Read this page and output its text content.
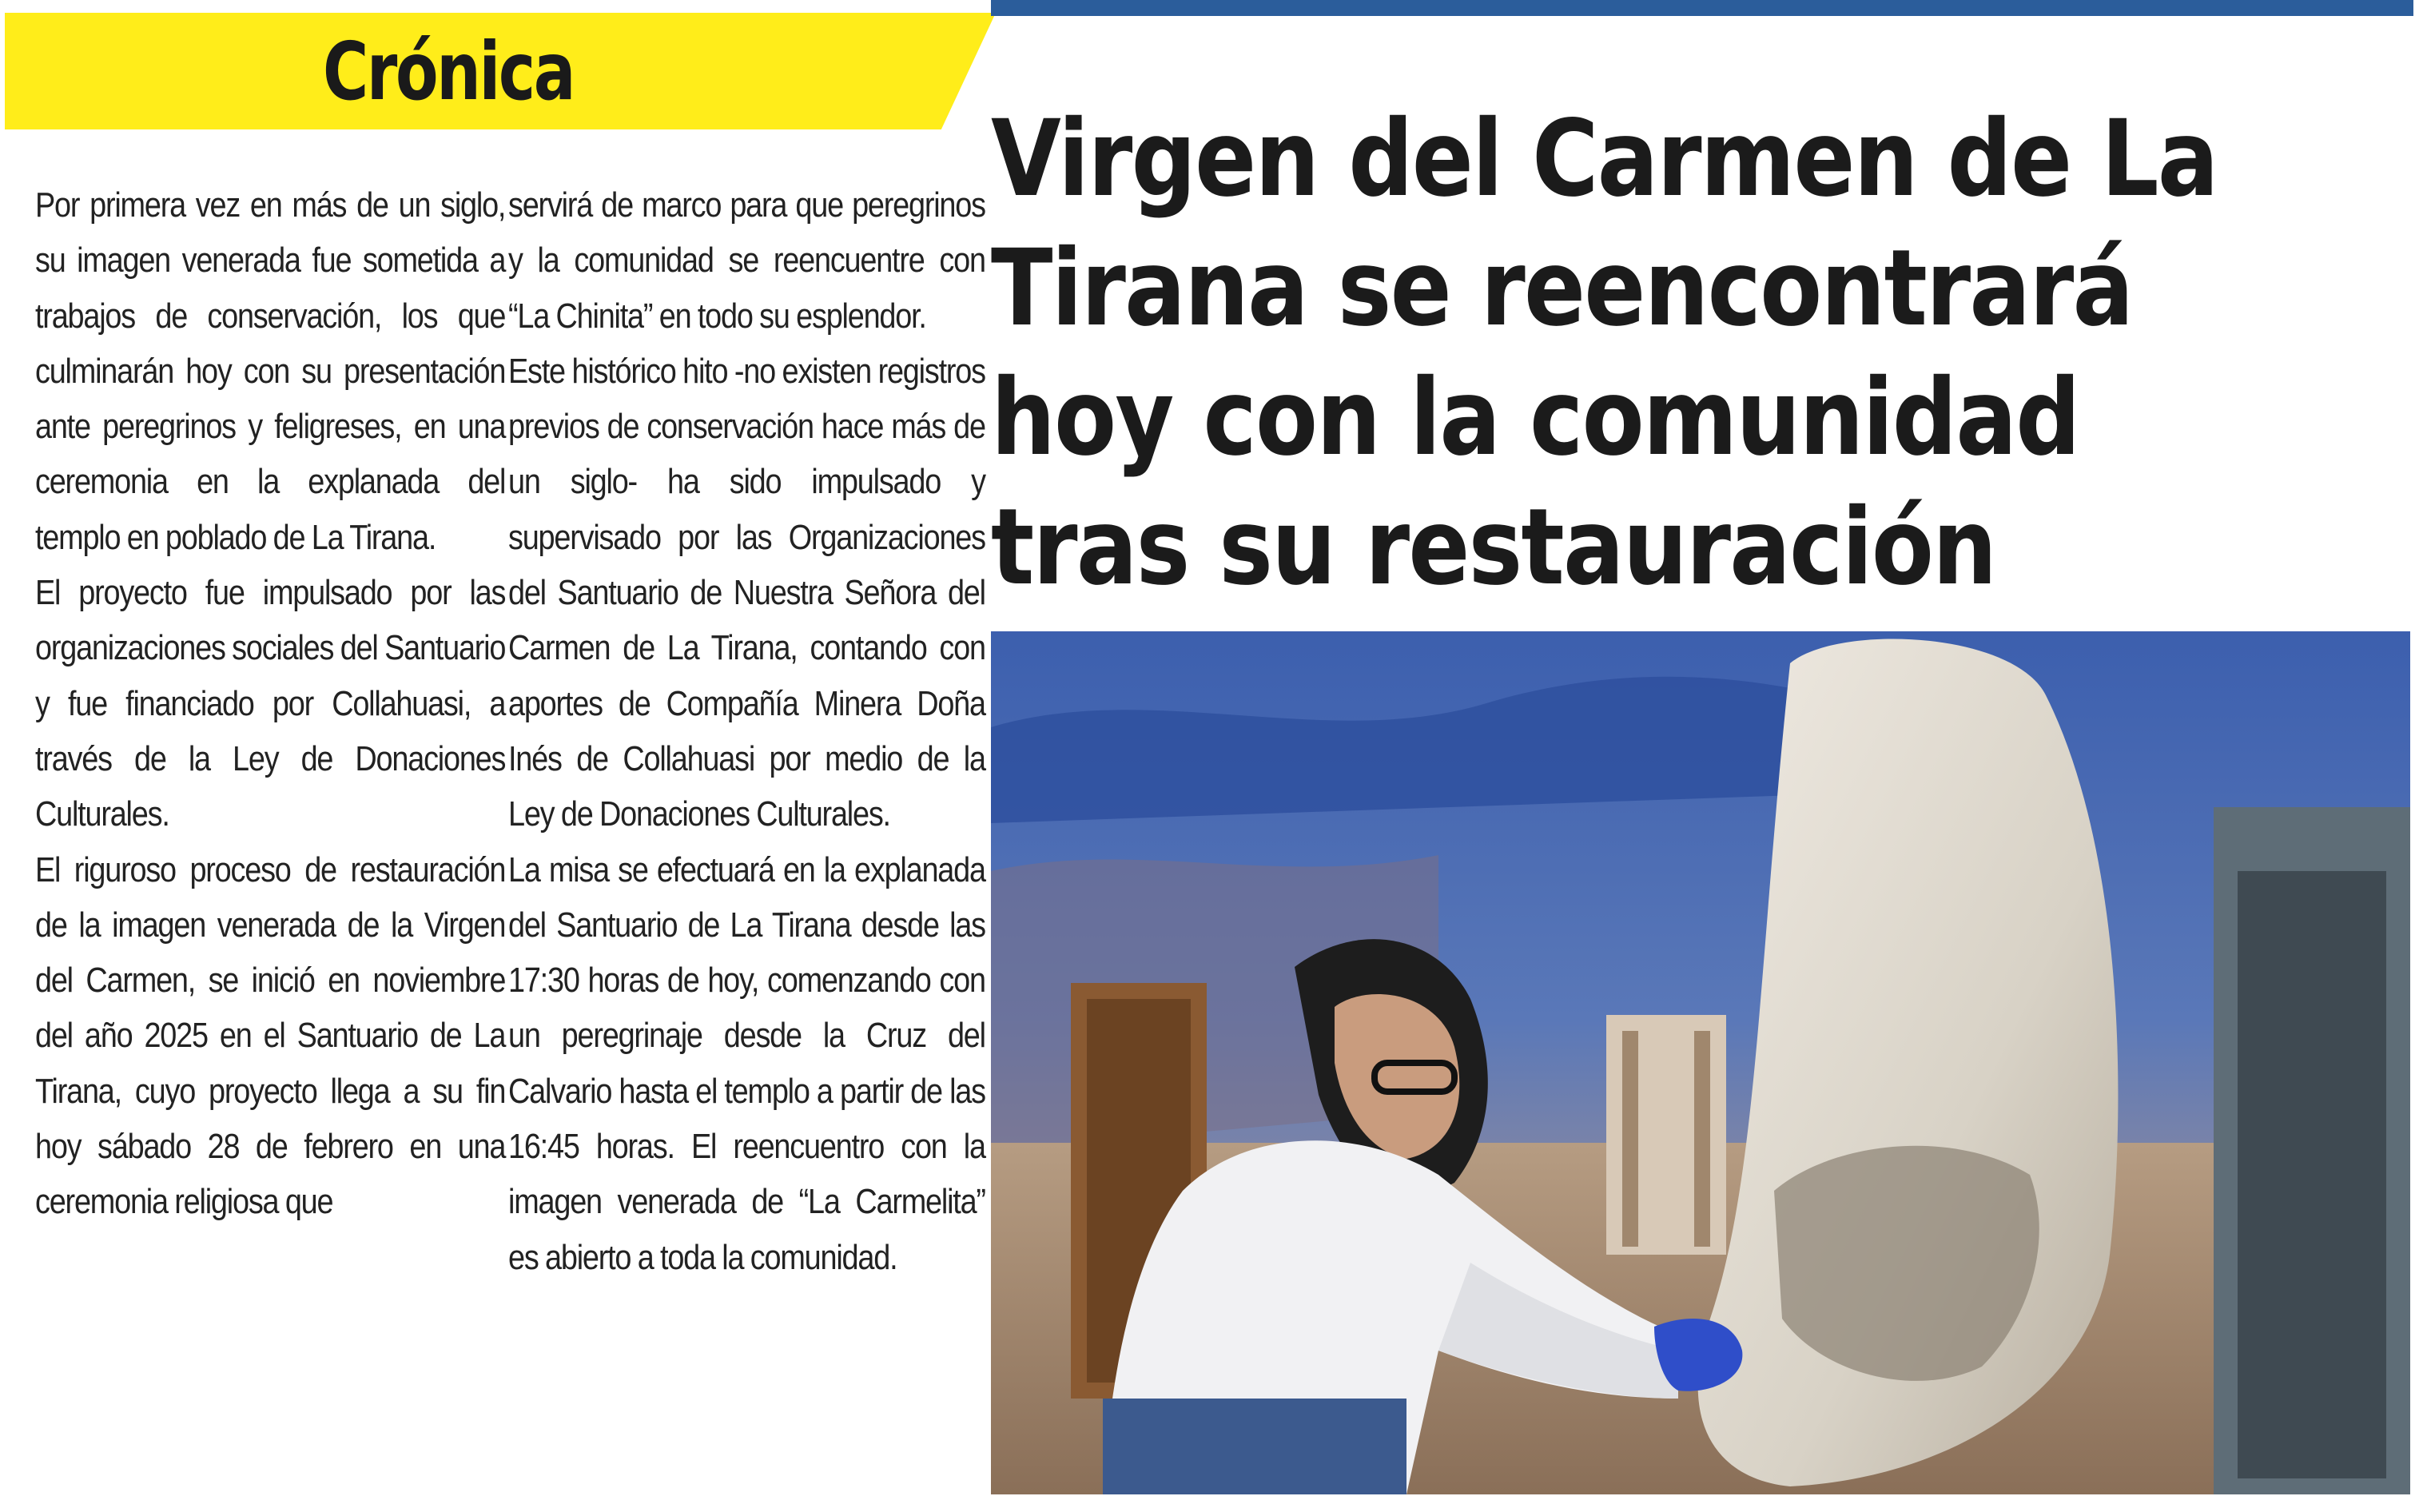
Crónica

Por primera vez en más de un siglo, su imagen venerada fue sometida a trabajos de conservación, los que culminarán hoy con su presentación ante peregrinos y feligreses, en una ceremonia en la explanada del templo en poblado de La Tirana.

El proyecto fue impulsado por las organizaciones sociales del Santuario y fue financiado por Collahuasi, a través de la Ley de Donaciones Culturales.

El riguroso proceso de restauración de la imagen venerada de la Virgen del Carmen, se inició en noviembre del año 2025 en el Santuario de La Tirana, cuyo proyecto llega a su fin hoy sábado 28 de febrero en una ceremonia religiosa que

servirá de marco para que peregrinos y la comunidad se reencuentre con “La Chinita” en todo su esplendor.

Este histórico hito -no existen registros previos de conservación hace más de un siglo- ha sido impulsado y supervisado por las Organizaciones del Santuario de Nuestra Señora del Carmen de La Tirana, contando con aportes de Compañía Minera Doña Inés de Collahuasi por medio de la Ley de Donaciones Culturales.

La misa se efectuará en la explanada del Santuario de La Tirana desde las 17:30 horas de hoy, comenzando con un peregrinaje desde la Cruz del Calvario hasta el templo a partir de las 16:45 horas. El reencuentro con la imagen venerada de “La Carmelita” es abierto a toda la comunidad.

Virgen del Carmen de La Tirana se reencontrará hoy con la comunidad tras su restauración
